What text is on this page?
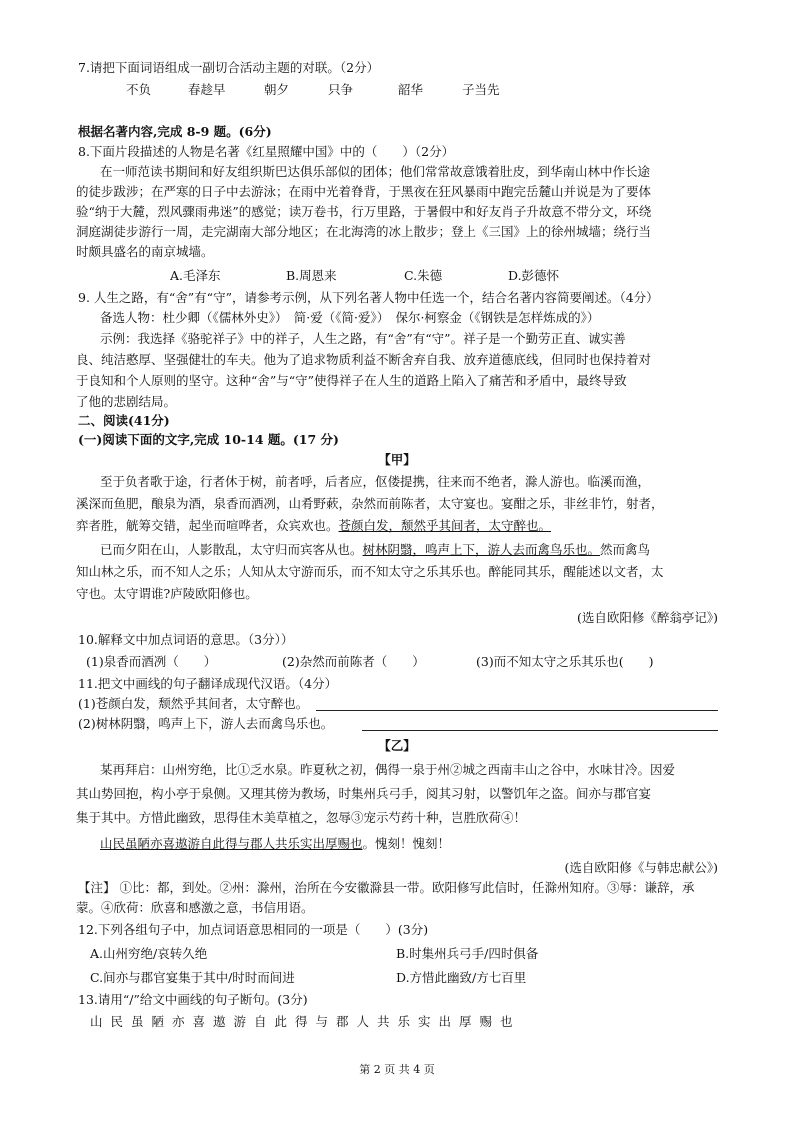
7.请把下面词语组成一副切合活动主题的对联。（2分）
不负	春趁早	朝夕	只争	韶华	子当先
根据名著内容,完成 8-9 题。(6分)
8.下面片段描述的人物是名著《红星照耀中国》中的（　　）（2分）
在一师范读书期间和好友组织斯巴达俱乐部似的团体；他们常常故意饿着肚皮，到华南山林中作长途
的徒步跋涉；在严寒的日子中去游泳；在雨中光着脊背，于黑夜在狂风暴雨中跑完岳麓山并说是为了要体
验“纳于大麓，烈风骤雨弗迷”的感觉；读万卷书，行万里路，于暑假中和好友肖子升故意不带分文，环绕
洞庭湖徒步游行一周，走完湖南大部分地区；在北海湾的冰上散步；登上《三国》上的徐州城墙；绕行当
时颇具盛名的南京城墙。
A.毛泽东	B.周恩来	C.朱德	D.彭德怀
9. 人生之路，有“舍”有“守”，请参考示例，从下列名著人物中任选一个，结合名著内容简要阐述。（4分）
备选人物：杜少卿（《儒林外史》）　简·爱（《简·爱》）　保尔·柯察金（《钢铁是怎样炼成的》）
示例：我选择《骆驼祥子》中的祥子，人生之路，有“舍”有“守”。祥子是一个勤劳正直、诚实善
良、纯洁憨厚、坚强健壮的车夫。他为了追求物质利益不断舍弃自我、放弃道德底线，但同时也保持着对
于良知和个人原则的坚守。这种“舍”与“守”使得祥子在人生的道路上陷入了痛苦和矛盾中，最终导致
了他的悲剧结局。
二、阅读(41分)
(一)阅读下面的文字,完成 10-14 题。(17 分)
【甲】
至于负者歌于途，行者休于树，前者呼，后者应，伛偻提携，往来而不绝者，滁人游也。临溪而渔，
溪深而鱼肥，酿泉为酒，泉香而酒冽，山肴野蔌，杂然而前陈者，太守宴也。宴酣之乐，非丝非竹，射者，
弈者胜，觥筹交错，起坐而喧哗者，众宾欢也。苍颜白发，颓然乎其间者，太守醉也。
已而夕阳在山，人影散乱，太守归而宾客从也。树林阴翳，鸣声上下，游人去而禽鸟乐也。然而禽鸟
知山林之乐，而不知人之乐；人知从太守游而乐，而不知太守之乐其乐也。醉能同其乐，醒能述以文者，太
守也。太守谓谁?庐陵欧阳修也。
(选自欧阳修《醉翁亭记》)
10.解释文中加点词语的意思。（3分））
(1)泉香而酒冽（　　）	(2)杂然而前陈者（　　）	(3)而不知太守之乐其乐也(　　)
11.把文中画线的句子翻译成现代汉语。（4分）
(1)苍颜白发，颓然乎其间者，太守醉也。
(2)树林阴翳，鸣声上下，游人去而禽鸟乐也。
【乙】
某再拜启：山州穷绝，比①乏水泉。昨夏秋之初，偶得一泉于州②城之西南丰山之谷中，水味甘冷。因爱
其山势回抱，构小亭于泉侧。又理其傍为教场，时集州兵弓手，阅其习射，以警饥年之盗。间亦与郡官宴
集于其中。方惜此幽致，思得佳木美草植之，忽辱③宠示芍药十种，岂胜欣荷④！
山民虽陋亦喜遨游自此得与郡人共乐实出厚赐也。愧刻！愧刻！
(选自欧阳修《与韩忠献公》)
【注】 ①比：都，到处。②州：滁州，治所在今安徽滁县一带。欧阳修写此信时，任滁州知府。③辱：谦辞，承
蒙。④欣荷：欣喜和感激之意，书信用语。
12.下列各组句子中，加点词语意思相同的一项是（　　）(3分)
A.山州穷绝/哀转久绝	B.时集州兵弓手/四时俱备
C.间亦与郡官宴集于其中/时时而间进	D.方惜此幽致/方七百里
13.请用“/”给文中画线的句子断句。(3分)
山民虽陋亦喜遨游自此得与郡人共乐实出厚赐也
第 2 页 共 4 页
